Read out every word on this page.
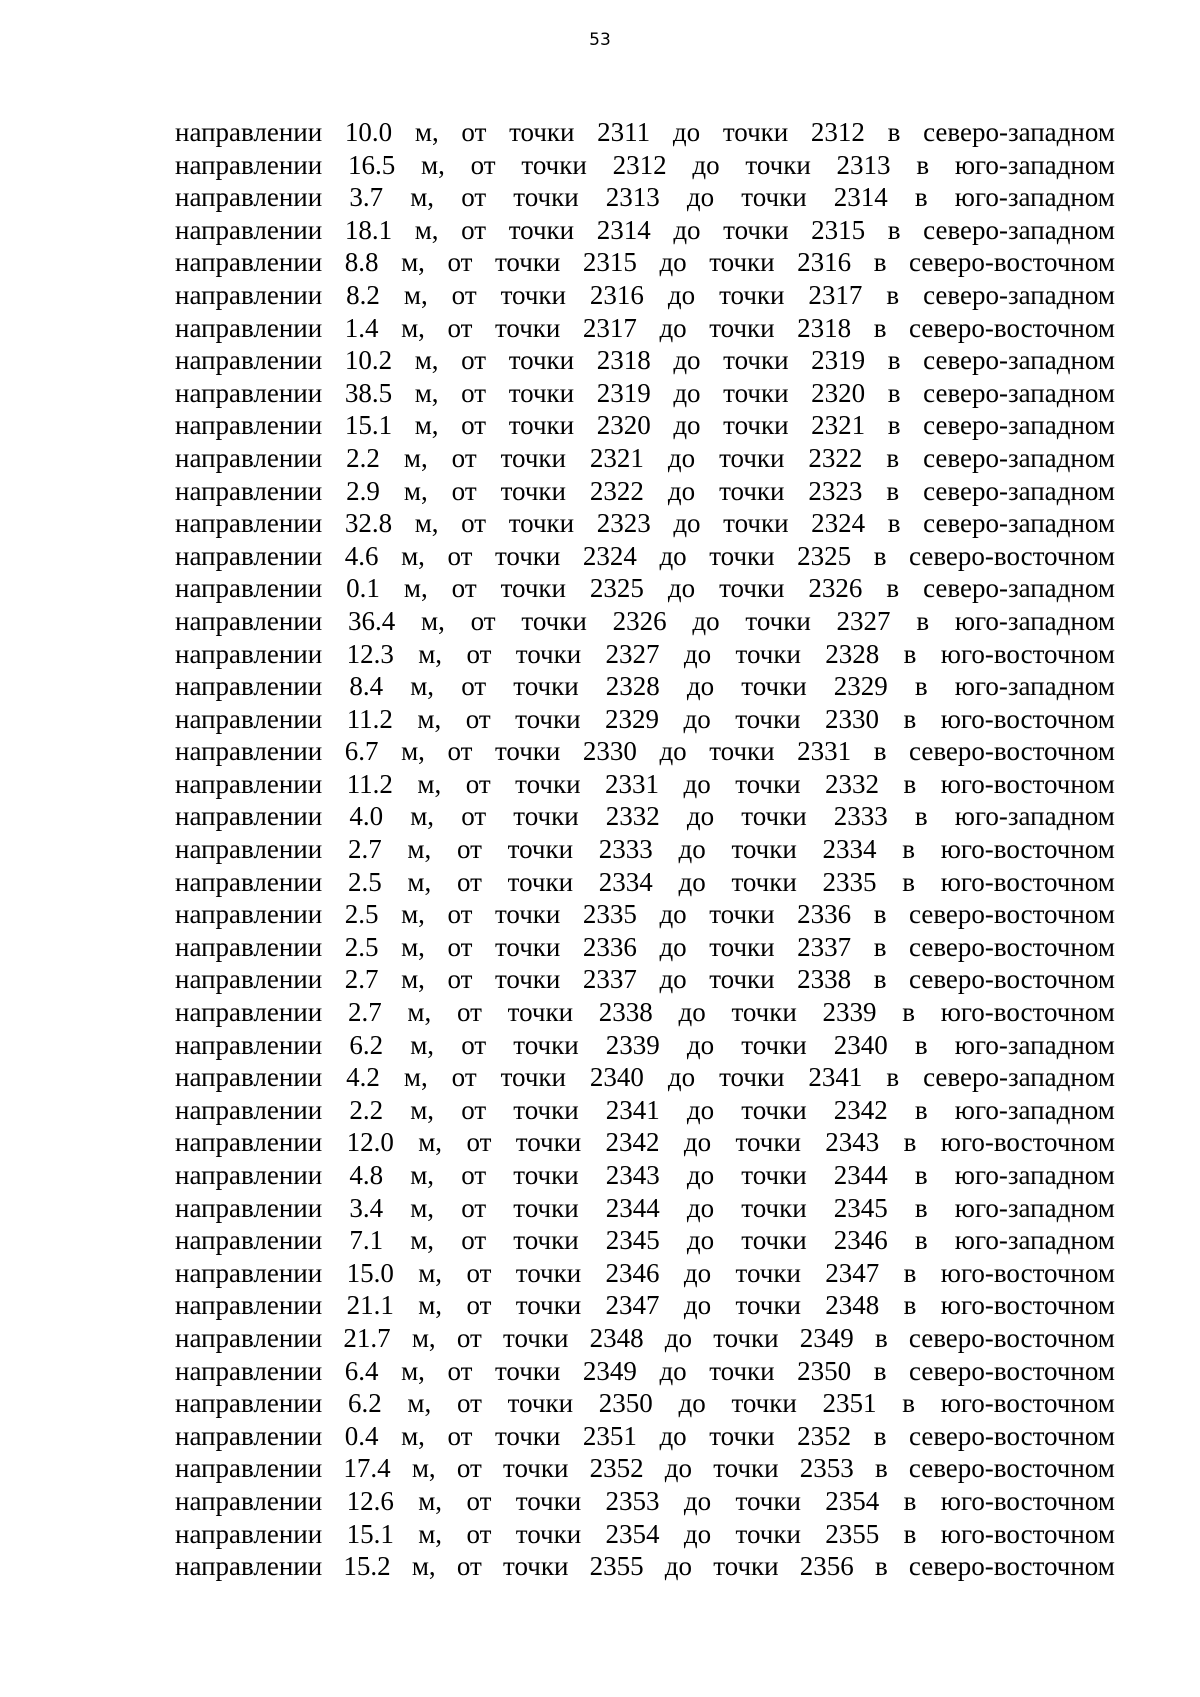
53
направлении 10.0 м, от точки 2311 до точки 2312 в северо-западном
направлении 16.5 м, от точки 2312 до точки 2313 в юго-западном
направлении 3.7 м, от точки 2313 до точки 2314 в юго-западном
направлении 18.1 м, от точки 2314 до точки 2315 в северо-западном
направлении 8.8 м, от точки 2315 до точки 2316 в северо-восточном
направлении 8.2 м, от точки 2316 до точки 2317 в северо-западном
направлении 1.4 м, от точки 2317 до точки 2318 в северо-восточном
направлении 10.2 м, от точки 2318 до точки 2319 в северо-западном
направлении 38.5 м, от точки 2319 до точки 2320 в северо-западном
направлении 15.1 м, от точки 2320 до точки 2321 в северо-западном
направлении 2.2 м, от точки 2321 до точки 2322 в северо-западном
направлении 2.9 м, от точки 2322 до точки 2323 в северо-западном
направлении 32.8 м, от точки 2323 до точки 2324 в северо-западном
направлении 4.6 м, от точки 2324 до точки 2325 в северо-восточном
направлении 0.1 м, от точки 2325 до точки 2326 в северо-западном
направлении 36.4 м, от точки 2326 до точки 2327 в юго-западном
направлении 12.3 м, от точки 2327 до точки 2328 в юго-восточном
направлении 8.4 м, от точки 2328 до точки 2329 в юго-западном
направлении 11.2 м, от точки 2329 до точки 2330 в юго-восточном
направлении 6.7 м, от точки 2330 до точки 2331 в северо-восточном
направлении 11.2 м, от точки 2331 до точки 2332 в юго-восточном
направлении 4.0 м, от точки 2332 до точки 2333 в юго-западном
направлении 2.7 м, от точки 2333 до точки 2334 в юго-восточном
направлении 2.5 м, от точки 2334 до точки 2335 в юго-восточном
направлении 2.5 м, от точки 2335 до точки 2336 в северо-восточном
направлении 2.5 м, от точки 2336 до точки 2337 в северо-восточном
направлении 2.7 м, от точки 2337 до точки 2338 в северо-восточном
направлении 2.7 м, от точки 2338 до точки 2339 в юго-восточном
направлении 6.2 м, от точки 2339 до точки 2340 в юго-западном
направлении 4.2 м, от точки 2340 до точки 2341 в северо-западном
направлении 2.2 м, от точки 2341 до точки 2342 в юго-западном
направлении 12.0 м, от точки 2342 до точки 2343 в юго-восточном
направлении 4.8 м, от точки 2343 до точки 2344 в юго-западном
направлении 3.4 м, от точки 2344 до точки 2345 в юго-западном
направлении 7.1 м, от точки 2345 до точки 2346 в юго-западном
направлении 15.0 м, от точки 2346 до точки 2347 в юго-восточном
направлении 21.1 м, от точки 2347 до точки 2348 в юго-восточном
направлении 21.7 м, от точки 2348 до точки 2349 в северо-восточном
направлении 6.4 м, от точки 2349 до точки 2350 в северо-восточном
направлении 6.2 м, от точки 2350 до точки 2351 в юго-восточном
направлении 0.4 м, от точки 2351 до точки 2352 в северо-восточном
направлении 17.4 м, от точки 2352 до точки 2353 в северо-восточном
направлении 12.6 м, от точки 2353 до точки 2354 в юго-восточном
направлении 15.1 м, от точки 2354 до точки 2355 в юго-восточном
направлении 15.2 м, от точки 2355 до точки 2356 в северо-восточном
